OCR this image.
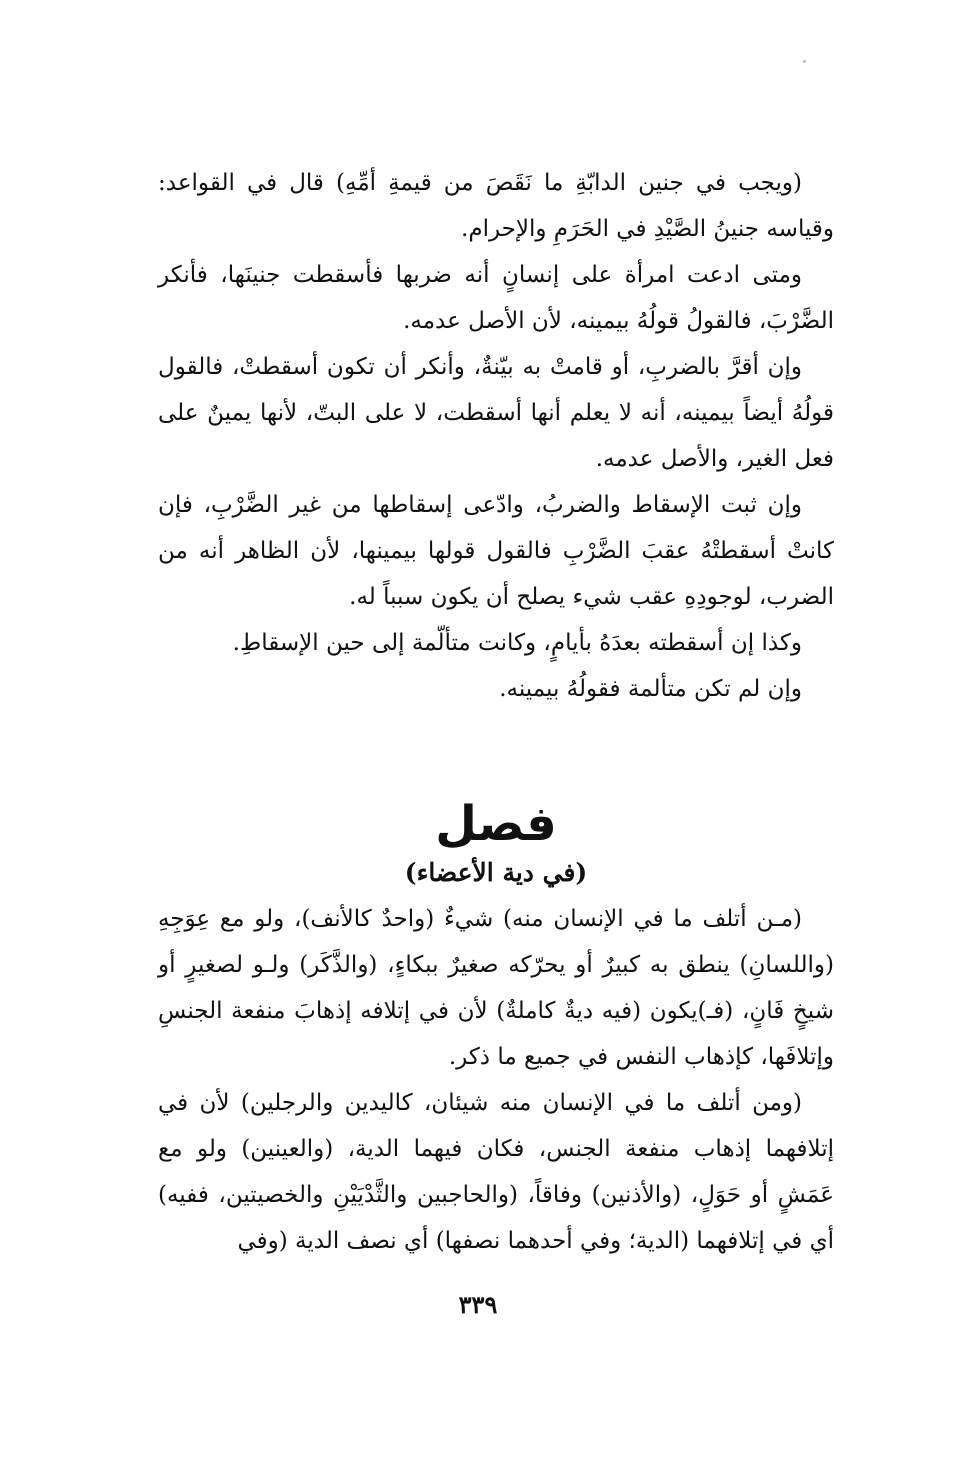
(ويجب في جنين الدابّةِ ما نَقَصَ من قيمةِ أمِّهِ) قال في القواعد: وقياسه جنينُ الصَّيْدِ في الحَرَمِ والإحرام.

ومتى ادعت امرأة على إنسانٍ أنه ضربها فأسقطت جنينَها، فأنكر الضَّرْبَ، فالقولُ قولُهُ بيمينه، لأن الأصل عدمه.

وإن أقرَّ بالضربِ، أو قامتْ به بيّنةٌ، وأنكر أن تكون أسقطتْ، فالقول قولُهُ أيضاً بيمينه، أنه لا يعلم أنها أسقطت، لا على البتّ، لأنها يمينٌ على فعل الغير، والأصل عدمه.

وإن ثبت الإسقاط والضربُ، وادّعى إسقاطها من غير الضَّرْبِ، فإن كانتْ أسقطتْهُ عقبَ الضَّرْبِ فالقول قولها بيمينها، لأن الظاهر أنه من الضرب، لوجودِهِ عقب شيء يصلح أن يكون سبباً له.

وكذا إن أسقطته بعدَهُ بأيامٍ، وكانت متألّمة إلى حين الإسقاطِ.

وإن لم تكن متألمة فقولُهُ بيمينه.

فصل
(في دية الأعضاء)

(مـن أتلف ما في الإنسان منه) شيءٌ (واحدٌ كالأنف)، ولو مع عِوَجِهِ (واللسانِ) ينطق به كبيرٌ أو يحرّكه صغيرٌ ببكاءٍ، (والذَّكَر) ولـو لصغيرٍ أو شيخٍ فَانٍ، (فـ)يكون (فيه ديةٌ كاملةٌ) لأن في إتلافه إذهابَ منفعة الجنسِ وإتلافَها، كإذهاب النفس في جميع ما ذكر.

(ومن أتلف ما في الإنسان منه شيئان، كاليدين والرجلين) لأن في إتلافهما إذهاب منفعة الجنس، فكان فيهما الدية، (والعينين) ولو مع عَمَشٍ أو حَوَلٍ، (والأذنين) وفاقاً، (والحاجبين والثَّدْيَيْنِ والخصيتين، ففيه) أي في إتلافهما (الدية؛ وفي أحدهما نصفها) أي نصف الدية (وفي

٣٣٩
